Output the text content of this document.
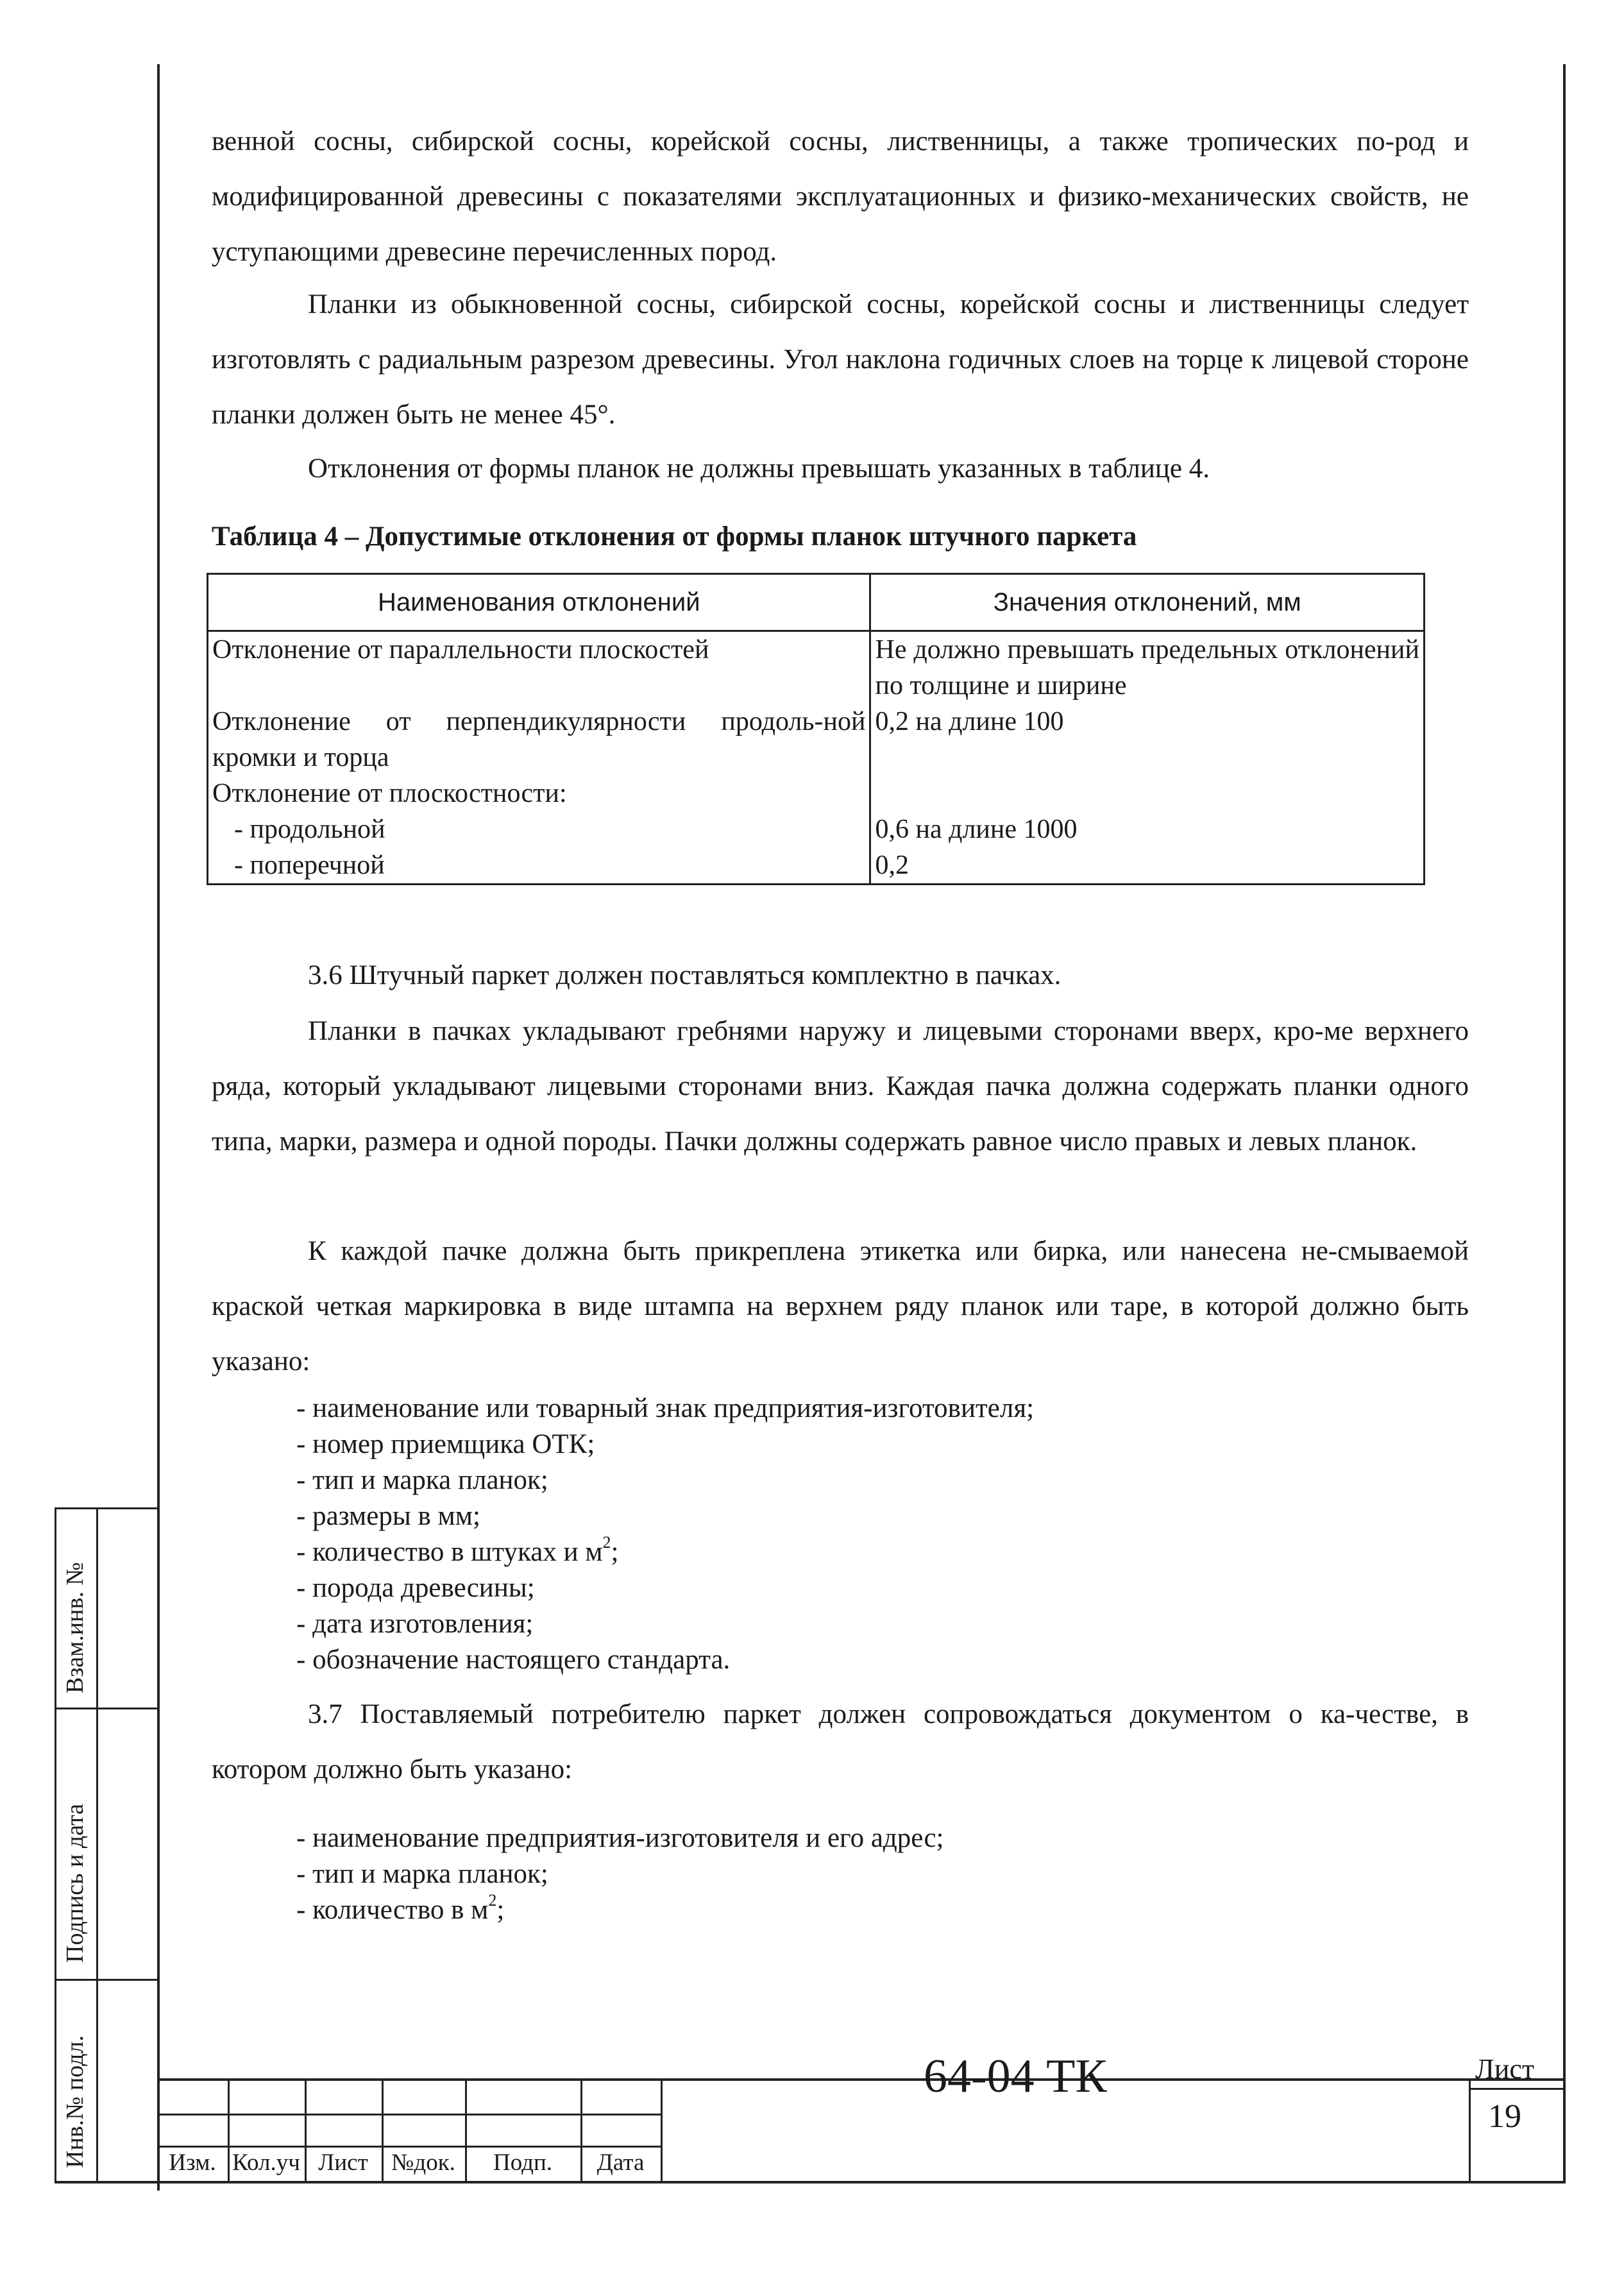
Взам.инв. №
Подпись и дата
Инв.№ подл.
венной сосны, сибирской сосны, корейской сосны, лиственницы, а также тропических по-род и модифицированной древесины с показателями эксплуатационных и физико-механических свойств, не уступающими древесине перечисленных пород.
Планки из обыкновенной сосны, сибирской сосны, корейской сосны и лиственницы следует изготовлять с радиальным разрезом древесины. Угол наклона годичных слоев на торце к лицевой стороне планки должен быть не менее 45°.
Отклонения от формы планок не должны превышать указанных в таблице 4.
Таблица 4 – Допустимые отклонения от формы планок штучного паркета
Наименования отклонений	Значения отклонений, мм
Отклонение от параллельности плоскостей	Не должно превышать предельных отклонений по толщине и ширине
Отклонение от перпендикулярности продоль-ной кромки и торца	0,2 на длине 100
Отклонение от плоскостности:	
- продольной	0,6 на длине 1000
- поперечной	0,2
3.6 Штучный паркет должен поставляться комплектно в пачках.
Планки в пачках укладывают гребнями наружу и лицевыми сторонами вверх, кро-ме верхнего ряда, который укладывают лицевыми сторонами вниз. Каждая пачка должна содержать планки одного типа, марки, размера и одной породы. Пачки должны содержать равное число правых и левых планок.
К каждой пачке должна быть прикреплена этикетка или бирка, или нанесена не-смываемой краской четкая маркировка в виде штампа на верхнем ряду планок или таре, в которой должно быть указано:
- наименование или товарный знак предприятия-изготовителя;
- номер приемщика ОТК;
- тип и марка планок;
- размеры в мм;
- количество в штуках и $м^2$;
- порода древесины;
- дата изготовления;
- обозначение настоящего стандарта.
3.7 Поставляемый потребителю паркет должен сопровождаться документом о ка-честве, в котором должно быть указано:
- наименование предприятия-изготовителя и его адрес;
- тип и марка планок;
- количество в $м^2$;
Изм. Кол.уч Лист №док.	Подп.	Дата
64-04 ТК	Лист
19
